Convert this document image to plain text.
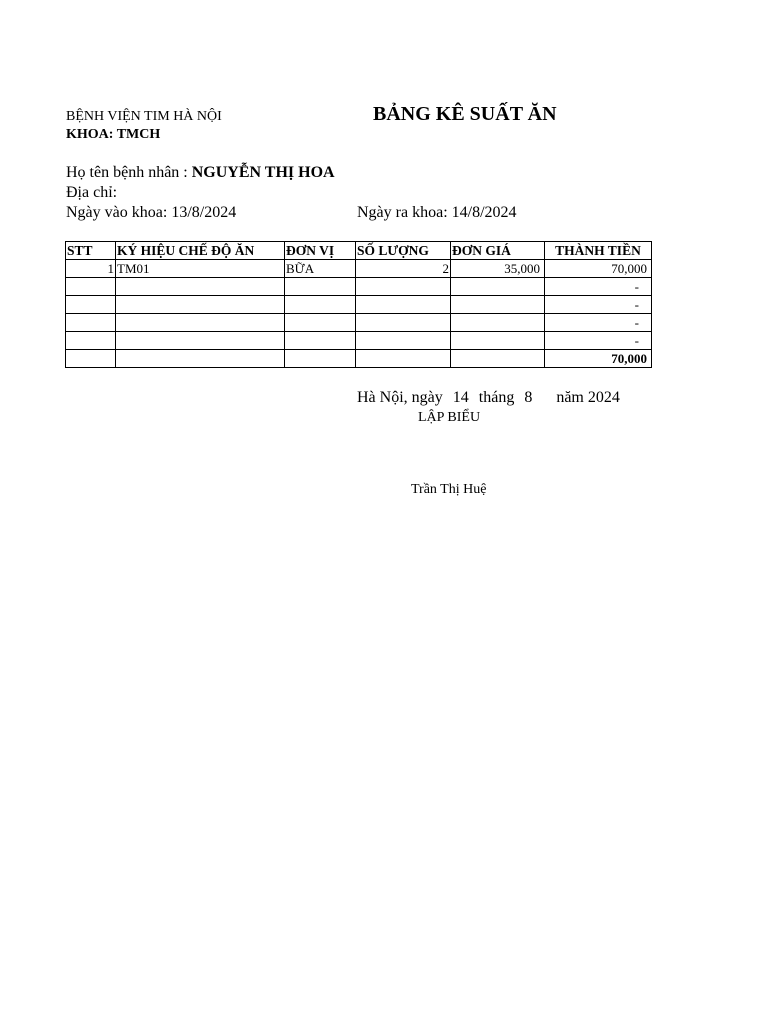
BỆNH VIỆN TIM HÀ NỘI
KHOA: TMCH
BẢNG KÊ SUẤT ĂN
Họ tên bệnh nhân : NGUYỄN THỊ HOA
Địa chỉ:
Ngày vào khoa: 13/8/2024	Ngày ra khoa: 14/8/2024
STT	KÝ HIỆU CHẾ ĐỘ ĂN	ĐƠN VỊ	SỐ LƯỢNG	ĐƠN GIÁ	THÀNH TIỀN
1	TM01	BỮA	2	35,000	70,000
					-
					-
					-
					-
					70,000
Hà Nội, ngày 14 tháng 8 năm 2024
LẬP BIỂU
Trần Thị Huệ
